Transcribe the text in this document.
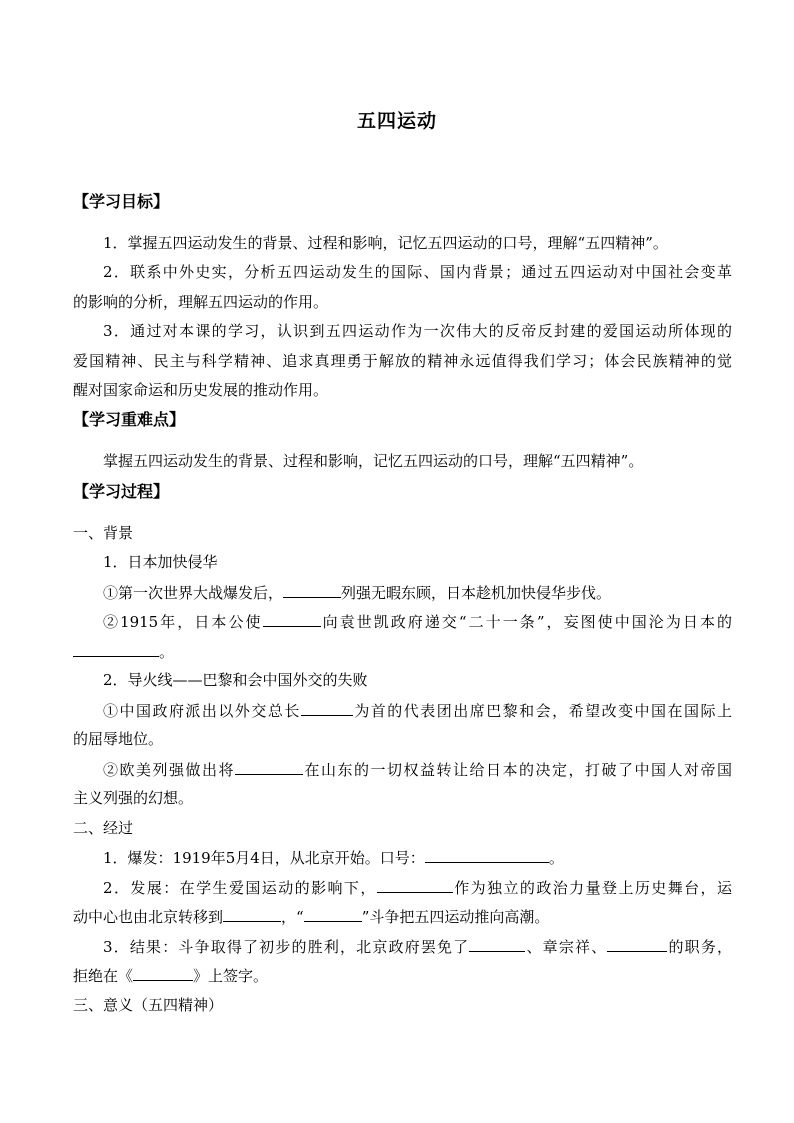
五四运动
【学习目标】
1．掌握五四运动发生的背景、过程和影响，记忆五四运动的口号，理解“五四精神”。
2．联系中外史实，分析五四运动发生的国际、国内背景；通过五四运动对中国社会变革
的影响的分析，理解五四运动的作用。
3．通过对本课的学习，认识到五四运动作为一次伟大的反帝反封建的爱国运动所体现的
爱国精神、民主与科学精神、追求真理勇于解放的精神永远值得我们学习；体会民族精神的觉
醒对国家命运和历史发展的推动作用。
【学习重难点】
掌握五四运动发生的背景、过程和影响，记忆五四运动的口号，理解“五四精神”。
【学习过程】
一、背景
1．日本加快侵华
①第一次世界大战爆发后，	列强无暇东顾，日本趁机加快侵华步伐。
②1915年，日本公使	向袁世凯政府递交“二十一条”，妄图使中国沦为日本的
。
2．导火线——巴黎和会中国外交的失败
①中国政府派出以外交总长	为首的代表团出席巴黎和会，希望改变中国在国际上
的屈辱地位。
②欧美列强做出将	在山东的一切权益转让给日本的决定，打破了中国人对帝国
主义列强的幻想。
二、经过
1．爆发：1919年5月4日，从北京开始。口号：	。
2．发展：在学生爱国运动的影响下，	作为独立的政治力量登上历史舞台，运
动中心也由北京转移到	，“	”斗争把五四运动推向高潮。
3．结果：斗争取得了初步的胜利，北京政府罢免了	、章宗祥、	的职务，
拒绝在《	》上签字。
三、意义（五四精神）
